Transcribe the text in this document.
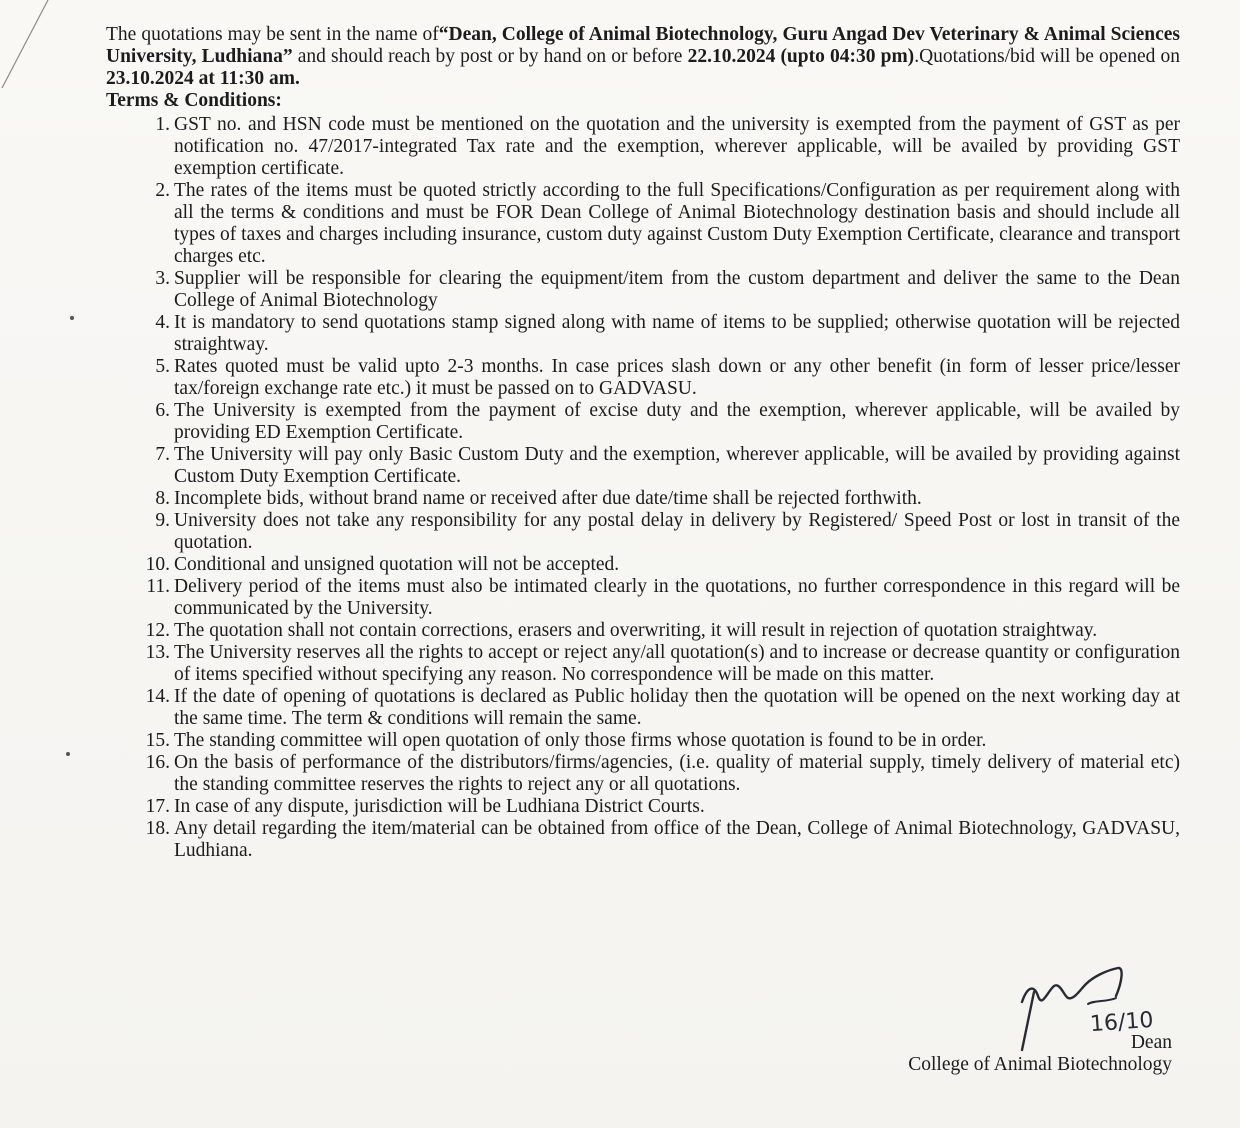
The quotations may be sent in the name of“Dean, College of Animal Biotechnology, Guru Angad Dev Veterinary & Animal Sciences University, Ludhiana” and should reach by post or by hand on or before 22.10.2024 (upto 04:30 pm).Quotations/bid will be opened on 23.10.2024 at 11:30 am.

Terms & Conditions:
1. GST no. and HSN code must be mentioned on the quotation and the university is exempted from the payment of GST as per notification no. 47/2017-integrated Tax rate and the exemption, wherever applicable, will be availed by providing GST exemption certificate.
2. The rates of the items must be quoted strictly according to the full Specifications/Configuration as per requirement along with all the terms & conditions and must be FOR Dean College of Animal Biotechnology destination basis and should include all types of taxes and charges including insurance, custom duty against Custom Duty Exemption Certificate, clearance and transport charges etc.
3. Supplier will be responsible for clearing the equipment/item from the custom department and deliver the same to the Dean College of Animal Biotechnology
4. It is mandatory to send quotations stamp signed along with name of items to be supplied; otherwise quotation will be rejected straightway.
5. Rates quoted must be valid upto 2-3 months. In case prices slash down or any other benefit (in form of lesser price/lesser tax/foreign exchange rate etc.) it must be passed on to GADVASU.
6. The University is exempted from the payment of excise duty and the exemption, wherever applicable, will be availed by providing ED Exemption Certificate.
7. The University will pay only Basic Custom Duty and the exemption, wherever applicable, will be availed by providing against Custom Duty Exemption Certificate.
8. Incomplete bids, without brand name or received after due date/time shall be rejected forthwith.
9. University does not take any responsibility for any postal delay in delivery by Registered/ Speed Post or lost in transit of the quotation.
10. Conditional and unsigned quotation will not be accepted.
11. Delivery period of the items must also be intimated clearly in the quotations, no further correspondence in this regard will be communicated by the University.
12. The quotation shall not contain corrections, erasers and overwriting, it will result in rejection of quotation straightway.
13. The University reserves all the rights to accept or reject any/all quotation(s) and to increase or decrease quantity or configuration of items specified without specifying any reason. No correspondence will be made on this matter.
14. If the date of opening of quotations is declared as Public holiday then the quotation will be opened on the next working day at the same time. The term & conditions will remain the same.
15. The standing committee will open quotation of only those firms whose quotation is found to be in order.
16. On the basis of performance of the distributors/firms/agencies, (i.e. quality of material supply, timely delivery of material etc) the standing committee reserves the rights to reject any or all quotations.
17. In case of any dispute, jurisdiction will be Ludhiana District Courts.
18. Any detail regarding the item/material can be obtained from office of the Dean, College of Animal Biotechnology, GADVASU, Ludhiana.
16/10
Dean
College of Animal Biotechnology
